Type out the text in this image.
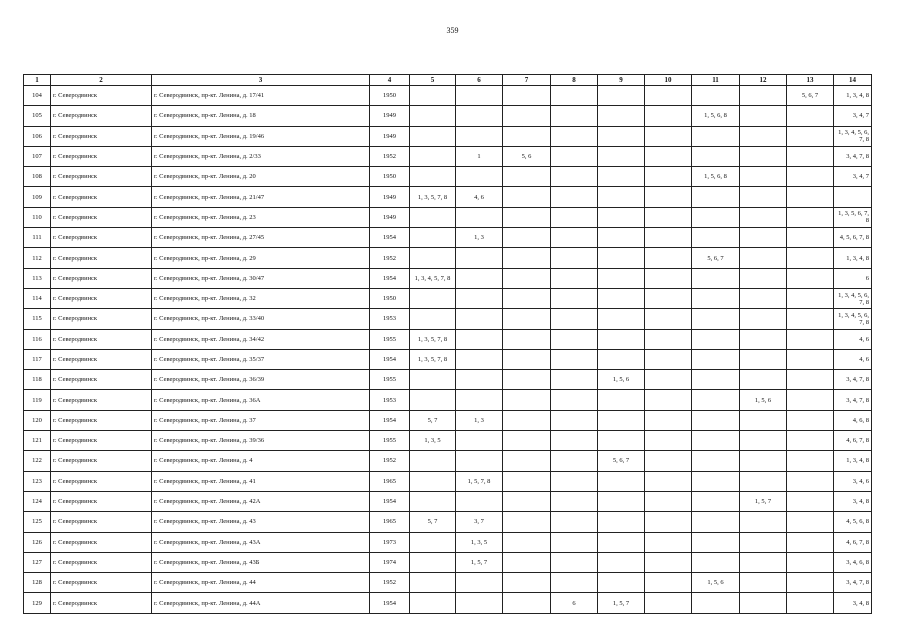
359
1	2	3	4	5	6	7	8	9	10	11	12	13	14
104	г. Северодвинск	г. Северодвинск, пр-кт. Ленина, д. 17/41	1950									5, 6, 7	1, 3, 4, 8
105	г. Северодвинск	г. Северодвинск, пр-кт. Ленина, д. 18	1949							1, 5, 6, 8			3, 4, 7
106	г. Северодвинск	г. Северодвинск, пр-кт. Ленина, д. 19/46	1949										1, 3, 4, 5, 6, 7, 8
107	г. Северодвинск	г. Северодвинск, пр-кт. Ленина, д. 2/33	1952		1	5, 6							3, 4, 7, 8
108	г. Северодвинск	г. Северодвинск, пр-кт. Ленина, д. 20	1950							1, 5, 6, 8			3, 4, 7
109	г. Северодвинск	г. Северодвинск, пр-кт. Ленина, д. 21/47	1949	1, 3, 5, 7, 8	4, 6								
110	г. Северодвинск	г. Северодвинск, пр-кт. Ленина, д. 23	1949										1, 3, 5, 6, 7, 8
111	г. Северодвинск	г. Северодвинск, пр-кт. Ленина, д. 27/45	1954		1, 3								4, 5, 6, 7, 8
112	г. Северодвинск	г. Северодвинск, пр-кт. Ленина, д. 29	1952							5, 6, 7			1, 3, 4, 8
113	г. Северодвинск	г. Северодвинск, пр-кт. Ленина, д. 30/47	1954	1, 3, 4, 5, 7, 8									6
114	г. Северодвинск	г. Северодвинск, пр-кт. Ленина, д. 32	1950										1, 3, 4, 5, 6, 7, 8
115	г. Северодвинск	г. Северодвинск, пр-кт. Ленина, д. 33/40	1953										1, 3, 4, 5, 6, 7, 8
116	г. Северодвинск	г. Северодвинск, пр-кт. Ленина, д. 34/42	1955	1, 3, 5, 7, 8									4, 6
117	г. Северодвинск	г. Северодвинск, пр-кт. Ленина, д. 35/37	1954	1, 3, 5, 7, 8									4, 6
118	г. Северодвинск	г. Северодвинск, пр-кт. Ленина, д. 36/39	1955					1, 5, 6					3, 4, 7, 8
119	г. Северодвинск	г. Северодвинск, пр-кт. Ленина, д. 36А	1953								1, 5, 6		3, 4, 7, 8
120	г. Северодвинск	г. Северодвинск, пр-кт. Ленина, д. 37	1954	5, 7	1, 3								4, 6, 8
121	г. Северодвинск	г. Северодвинск, пр-кт. Ленина, д. 39/36	1955	1, 3, 5									4, 6, 7, 8
122	г. Северодвинск	г. Северодвинск, пр-кт. Ленина, д. 4	1952					5, 6, 7					1, 3, 4, 8
123	г. Северодвинск	г. Северодвинск, пр-кт. Ленина, д. 41	1965		1, 5, 7, 8								3, 4, 6
124	г. Северодвинск	г. Северодвинск, пр-кт. Ленина, д. 42А	1954								1, 5, 7		3, 4, 8
125	г. Северодвинск	г. Северодвинск, пр-кт. Ленина, д. 43	1965	5, 7	3, 7								4, 5, 6, 8
126	г. Северодвинск	г. Северодвинск, пр-кт. Ленина, д. 43А	1973		1, 3, 5								4, 6, 7, 8
127	г. Северодвинск	г. Северодвинск, пр-кт. Ленина, д. 43Б	1974		1, 5, 7								3, 4, 6, 8
128	г. Северодвинск	г. Северодвинск, пр-кт. Ленина, д. 44	1952							1, 5, 6			3, 4, 7, 8
129	г. Северодвинск	г. Северодвинск, пр-кт. Ленина, д. 44А	1954				6	1, 5, 7					3, 4, 8
